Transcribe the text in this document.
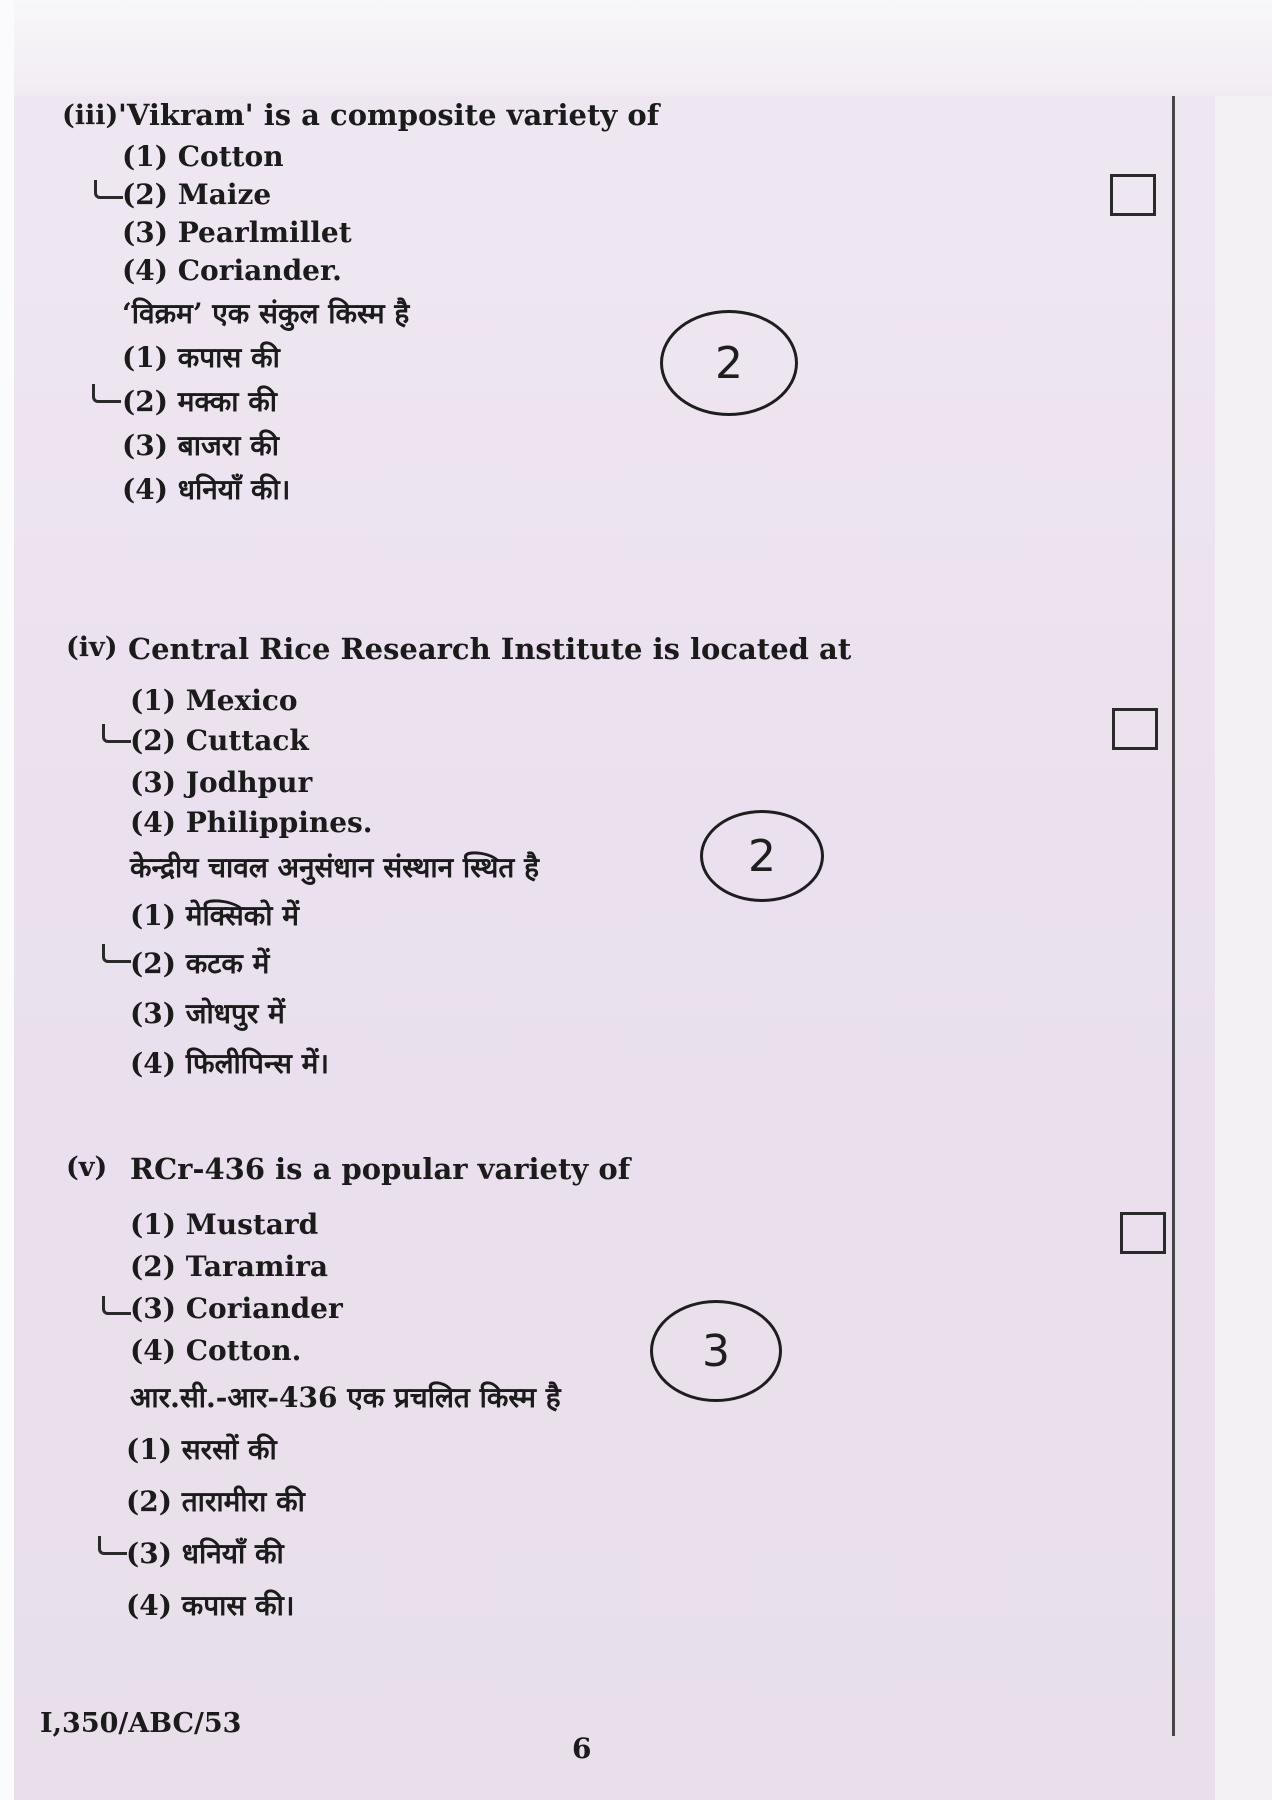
(iii) 'Vikram' is a composite variety of
(1) Cotton
(2) Maize
(3) Pearlmillet
(4) Coriander.
‘विक्रम’ एक संकुल किस्म है
(1) कपास की
(2) मक्का की
(3) बाजरा की
(4) धनियाँ की।
2
(iv) Central Rice Research Institute is located at
(1) Mexico
(2) Cuttack
(3) Jodhpur
(4) Philippines.
केन्द्रीय चावल अनुसंधान संस्थान स्थित है
(1) मेक्सिको में
(2) कटक में
(3) जोधपुर में
(4) फिलीपिन्स में।
2
(v) RCr-436 is a popular variety of
(1) Mustard
(2) Taramira
(3) Coriander
(4) Cotton.
आर.सी.-आर-436 एक प्रचलित किस्म है
(1) सरसों की
(2) तारामीरा की
(3) धनियाँ की
(4) कपास की।
3
I,350/ABC/53
6
